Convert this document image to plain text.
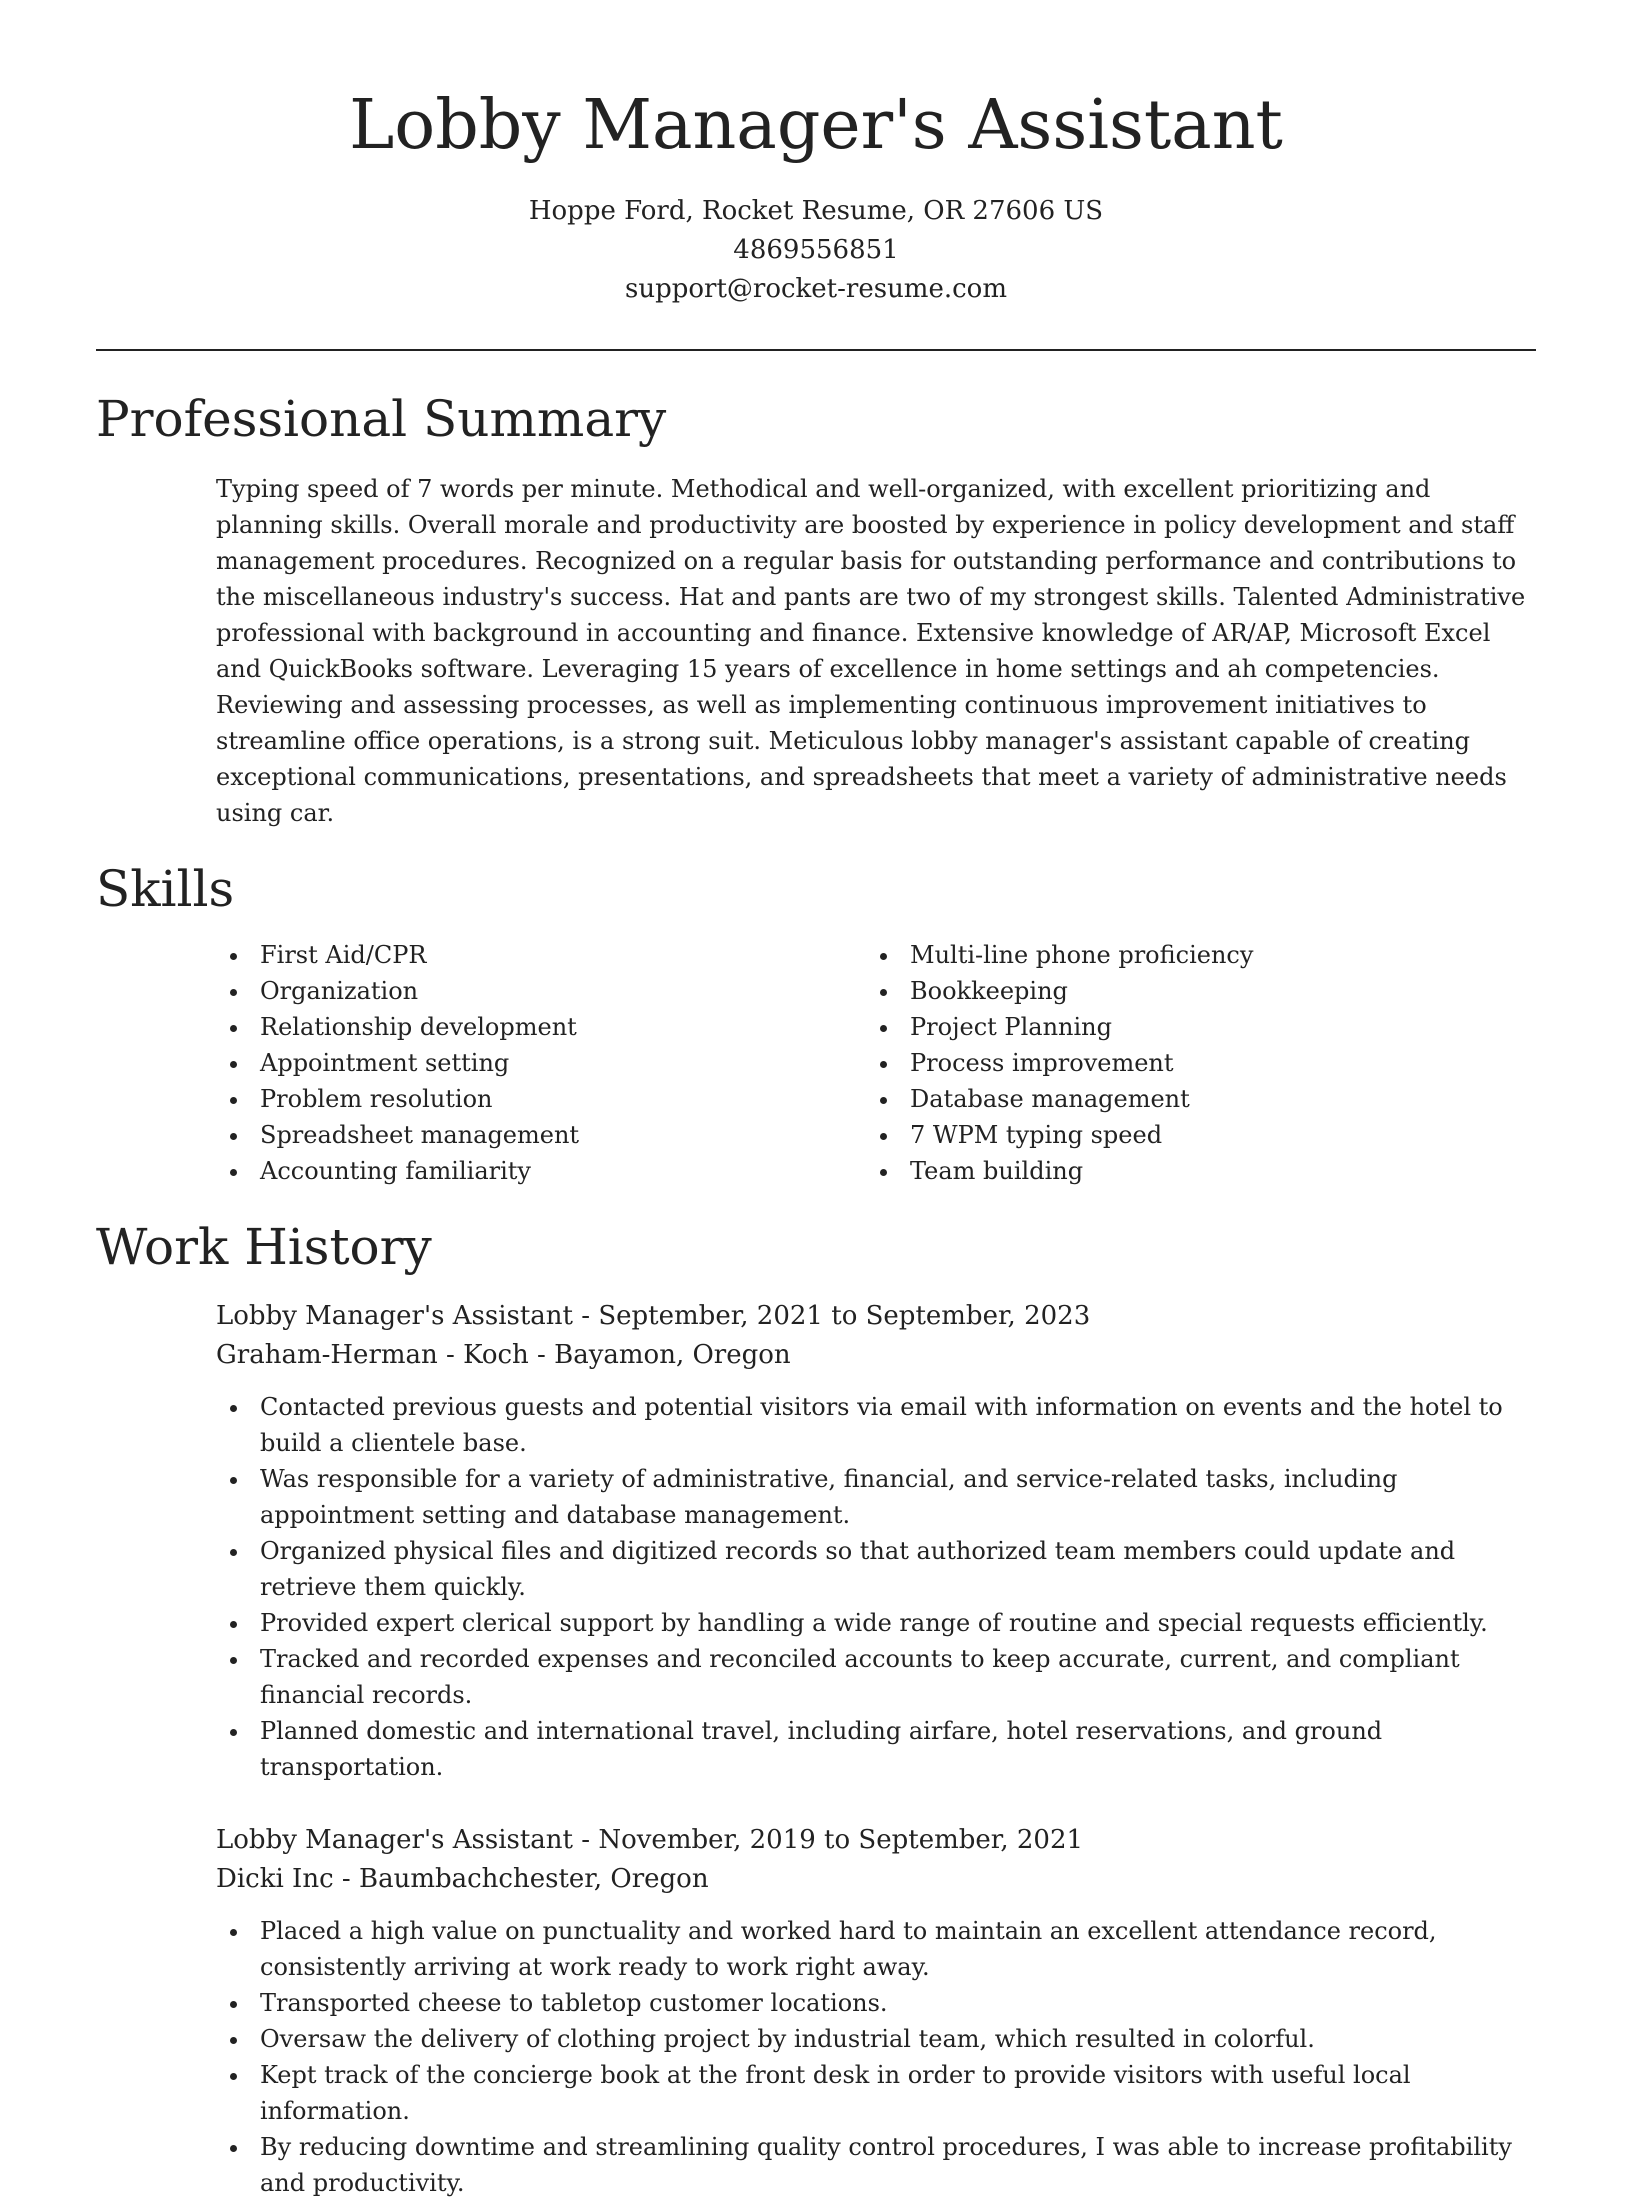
Lobby Manager's Assistant
Hoppe Ford, Rocket Resume, OR 27606 US
4869556851
support@rocket-resume.com
Professional Summary

Typing speed of 7 words per minute. Methodical and well-organized, with excellent prioritizing and planning skills. Overall morale and productivity are boosted by experience in policy development and staff management procedures. Recognized on a regular basis for outstanding performance and contributions to the miscellaneous industry's success. Hat and pants are two of my strongest skills. Talented Administrative professional with background in accounting and finance. Extensive knowledge of AR/AP, Microsoft Excel and QuickBooks software. Leveraging 15 years of excellence in home settings and ah competencies. Reviewing and assessing processes, as well as implementing continuous improvement initiatives to streamline office operations, is a strong suit. Meticulous lobby manager's assistant capable of creating exceptional communications, presentations, and spreadsheets that meet a variety of administrative needs using car.

Skills
First Aid/CPR
Organization
Relationship development
Appointment setting
Problem resolution
Spreadsheet management
Accounting familiarity
Multi-line phone proficiency
Bookkeeping
Project Planning
Process improvement
Database management
7 WPM typing speed
Team building
Work History
Lobby Manager's Assistant - September, 2021 to September, 2023
Graham-Herman - Koch - Bayamon, Oregon
Contacted previous guests and potential visitors via email with information on events and the hotel to build a clientele base.
Was responsible for a variety of administrative, financial, and service-related tasks, including appointment setting and database management.
Organized physical files and digitized records so that authorized team members could update and retrieve them quickly.
Provided expert clerical support by handling a wide range of routine and special requests efficiently.
Tracked and recorded expenses and reconciled accounts to keep accurate, current, and compliant financial records.
Planned domestic and international travel, including airfare, hotel reservations, and ground transportation.
Lobby Manager's Assistant - November, 2019 to September, 2021
Dicki Inc - Baumbachchester, Oregon
Placed a high value on punctuality and worked hard to maintain an excellent attendance record, consistently arriving at work ready to work right away.
Transported cheese to tabletop customer locations.
Oversaw the delivery of clothing project by industrial team, which resulted in colorful.
Kept track of the concierge book at the front desk in order to provide visitors with useful local information.
By reducing downtime and streamlining quality control procedures, I was able to increase profitability and productivity.
